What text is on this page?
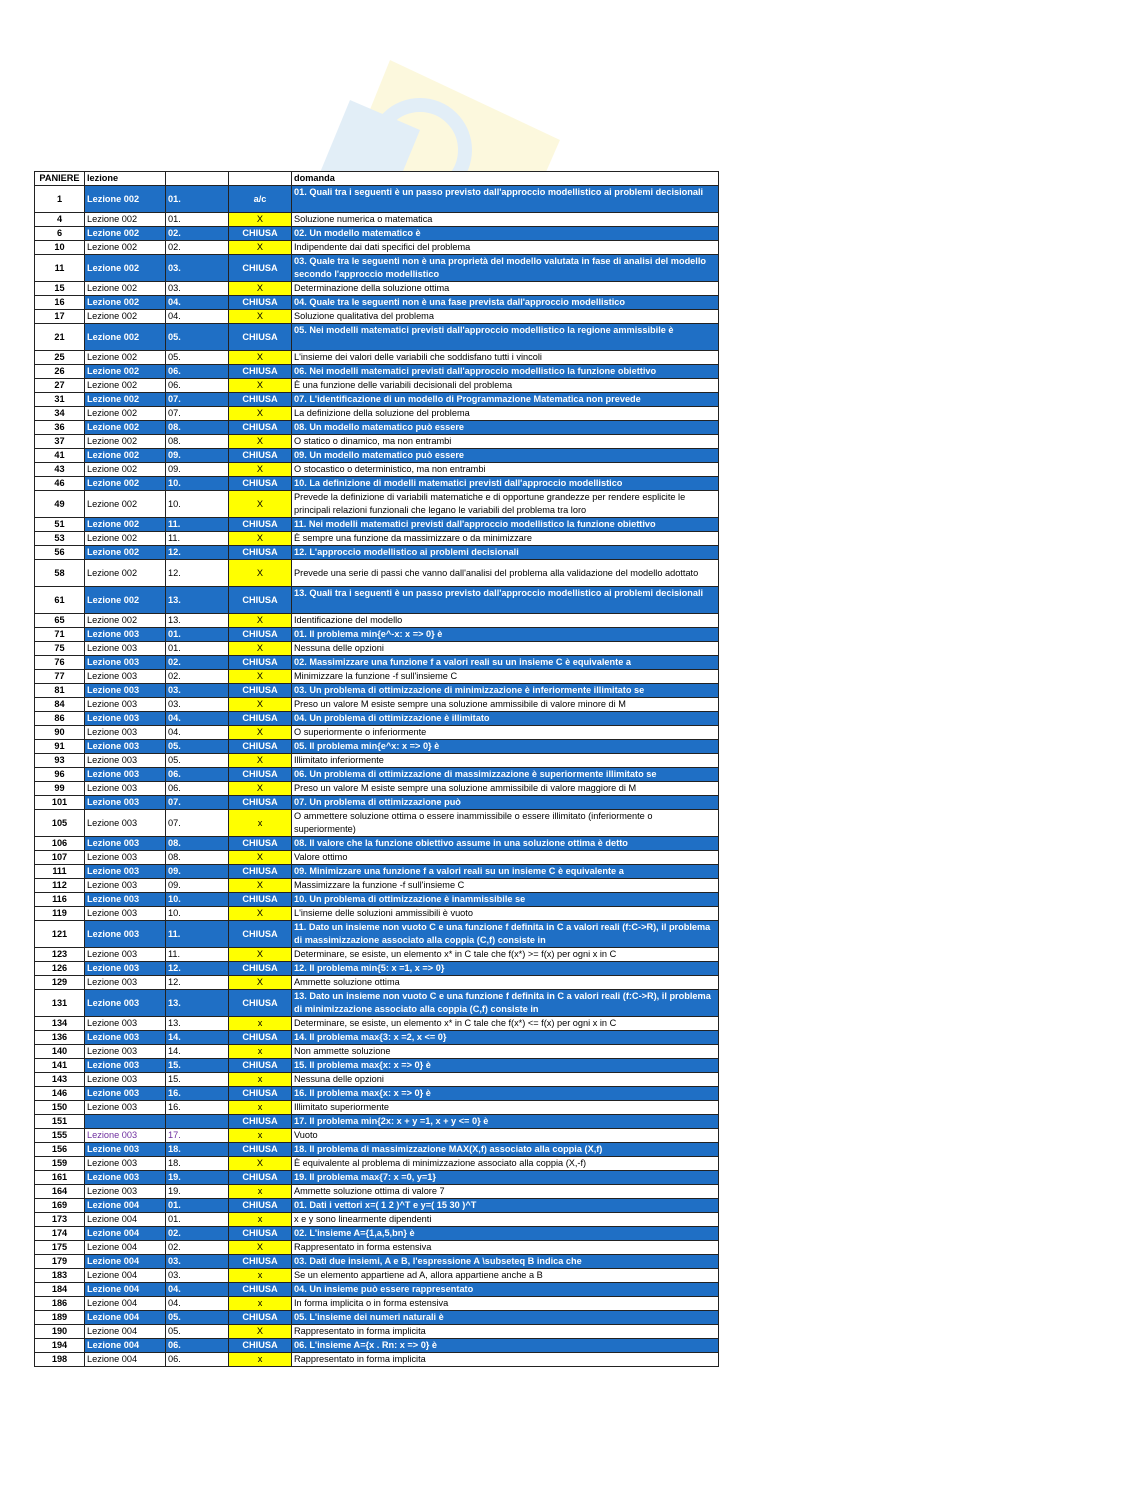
PANIERE	lezione			domanda
1	Lezione 002	01.	a/c	01. Quali tra i seguenti è un passo previsto dall'approccio modellistico ai problemi decisionali
4	Lezione 002	01.	X	Soluzione numerica o matematica
6	Lezione 002	02.	CHIUSA	02. Un modello matematico è
10	Lezione 002	02.	X	Indipendente dai dati specifici del problema
11	Lezione 002	03.	CHIUSA	03. Quale tra le seguenti non è una proprietà del modello valutata in fase di analisi del modello secondo l'approccio modellistico
15	Lezione 002	03.	X	Determinazione della soluzione ottima
16	Lezione 002	04.	CHIUSA	04. Quale tra le seguenti non è una fase prevista dall'approccio modellistico
17	Lezione 002	04.	X	Soluzione qualitativa del problema
21	Lezione 002	05.	CHIUSA	05. Nei modelli matematici previsti dall'approccio modellistico la regione ammissibile è
25	Lezione 002	05.	X	L'insieme dei valori delle variabili che soddisfano tutti i vincoli
26	Lezione 002	06.	CHIUSA	06. Nei modelli matematici previsti dall'approccio modellistico la funzione obiettivo
27	Lezione 002	06.	X	È una funzione delle variabili decisionali del problema
31	Lezione 002	07.	CHIUSA	07. L'identificazione di un modello di Programmazione Matematica non prevede
34	Lezione 002	07.	X	La definizione della soluzione del problema
36	Lezione 002	08.	CHIUSA	08. Un modello matematico può essere
37	Lezione 002	08.	X	O statico o dinamico, ma non entrambi
41	Lezione 002	09.	CHIUSA	09. Un modello matematico può essere
43	Lezione 002	09.	X	O stocastico o deterministico, ma non entrambi
46	Lezione 002	10.	CHIUSA	10. La definizione di modelli matematici previsti dall'approccio modellistico
49	Lezione 002	10.	X	Prevede la definizione di variabili matematiche e di opportune grandezze per rendere esplicite le principali relazioni funzionali che legano le variabili del problema tra loro
51	Lezione 002	11.	CHIUSA	11. Nei modelli matematici previsti dall'approccio modellistico la funzione obiettivo
53	Lezione 002	11.	X	È sempre una funzione da massimizzare o da minimizzare
56	Lezione 002	12.	CHIUSA	12. L'approccio modellistico ai problemi decisionali
58	Lezione 002	12.	X	Prevede una serie di passi che vanno dall'analisi del problema alla validazione del modello adottato
61	Lezione 002	13.	CHIUSA	13. Quali tra i seguenti è un passo previsto dall'approccio modellistico ai problemi decisionali
65	Lezione 002	13.	X	Identificazione del modello
71	Lezione 003	01.	CHIUSA	01. Il problema min{e^-x: x => 0} è
75	Lezione 003	01.	X	Nessuna delle opzioni
76	Lezione 003	02.	CHIUSA	02. Massimizzare una funzione f a valori reali su un insieme C è equivalente a
77	Lezione 003	02.	X	Minimizzare la funzione -f sull'insieme C
81	Lezione 003	03.	CHIUSA	03. Un problema di ottimizzazione di minimizzazione è inferiormente illimitato se
84	Lezione 003	03.	X	Preso un valore M esiste sempre una soluzione ammissibile di valore minore di M
86	Lezione 003	04.	CHIUSA	04. Un problema di ottimizzazione è illimitato
90	Lezione 003	04.	X	O superiormente o inferiormente
91	Lezione 003	05.	CHIUSA	05. Il problema min{e^x: x => 0} è
93	Lezione 003	05.	X	Illimitato inferiormente
96	Lezione 003	06.	CHIUSA	06. Un problema di ottimizzazione di massimizzazione è superiormente illimitato se
99	Lezione 003	06.	X	Preso un valore M esiste sempre una soluzione ammissibile di valore maggiore di M
101	Lezione 003	07.	CHIUSA	07. Un problema di ottimizzazione può
105	Lezione 003	07.	x	O ammettere soluzione ottima o essere inammissibile o essere illimitato (inferiormente o superiormente)
106	Lezione 003	08.	CHIUSA	08. Il valore che la funzione obiettivo assume in una soluzione ottima è detto
107	Lezione 003	08.	X	Valore ottimo
111	Lezione 003	09.	CHIUSA	09. Minimizzare una funzione f a valori reali su un insieme C è equivalente a
112	Lezione 003	09.	X	Massimizzare la funzione -f sull'insieme C
116	Lezione 003	10.	CHIUSA	10. Un problema di ottimizzazione è inammissibile se
119	Lezione 003	10.	X	L'insieme delle soluzioni ammissibili è vuoto
121	Lezione 003	11.	CHIUSA	11. Dato un insieme non vuoto C e una funzione f definita in C a valori reali (f:C->R), il problema di massimizzazione associato alla coppia (C,f) consiste in
123	Lezione 003	11.	X	Determinare, se esiste, un elemento x* in C tale che f(x*) >= f(x) per ogni x in C
126	Lezione 003	12.	CHIUSA	12. Il problema min{5: x =1, x => 0}
129	Lezione 003	12.	X	Ammette soluzione ottima
131	Lezione 003	13.	CHIUSA	13. Dato un insieme non vuoto C e una funzione f definita in C a valori reali (f:C->R), il problema di minimizzazione associato alla coppia (C,f) consiste in
134	Lezione 003	13.	x	Determinare, se esiste, un elemento x* in C tale che f(x*) <= f(x) per ogni x in C
136	Lezione 003	14.	CHIUSA	14. Il problema max{3: x =2, x <= 0}
140	Lezione 003	14.	x	Non ammette soluzione
141	Lezione 003	15.	CHIUSA	15. Il problema max{x: x => 0} è
143	Lezione 003	15.	x	Nessuna delle opzioni
146	Lezione 003	16.	CHIUSA	16. Il problema max{x: x => 0} è
150	Lezione 003	16.	x	Illimitato superiormente
151			CHIUSA	17. Il problema min{2x: x + y =1, x + y <= 0} è
155	Lezione 003	17.	x	Vuoto
156	Lezione 003	18.	CHIUSA	18. Il problema di massimizzazione MAX(X,f) associato alla coppia (X,f)
159	Lezione 003	18.	X	È equivalente al problema di minimizzazione associato alla coppia (X,-f)
161	Lezione 003	19.	CHIUSA	19. Il problema max{7: x =0, y=1}
164	Lezione 003	19.	x	Ammette soluzione ottima di valore 7
169	Lezione 004	01.	CHIUSA	01. Dati i vettori x=( 1 2 )^T e y=( 15 30 )^T
173	Lezione 004	01.	x	x e y sono linearmente dipendenti
174	Lezione 004	02.	CHIUSA	02. L'insieme A={1,a,5,bn} è
175	Lezione 004	02.	X	Rappresentato in forma estensiva
179	Lezione 004	03.	CHIUSA	03. Dati due insiemi, A e B, l'espressione A \subseteq B indica che
183	Lezione 004	03.	x	Se un elemento appartiene ad A, allora appartiene anche a B
184	Lezione 004	04.	CHIUSA	04. Un insieme può essere rappresentato
186	Lezione 004	04.	x	In forma implicita o in forma estensiva
189	Lezione 004	05.	CHIUSA	05. L'insieme dei numeri naturali è
190	Lezione 004	05.	X	Rappresentato in forma implicita
194	Lezione 004	06.	CHIUSA	06. L'insieme A={x . Rn: x => 0} è
198	Lezione 004	06.	x	Rappresentato in forma implicita
